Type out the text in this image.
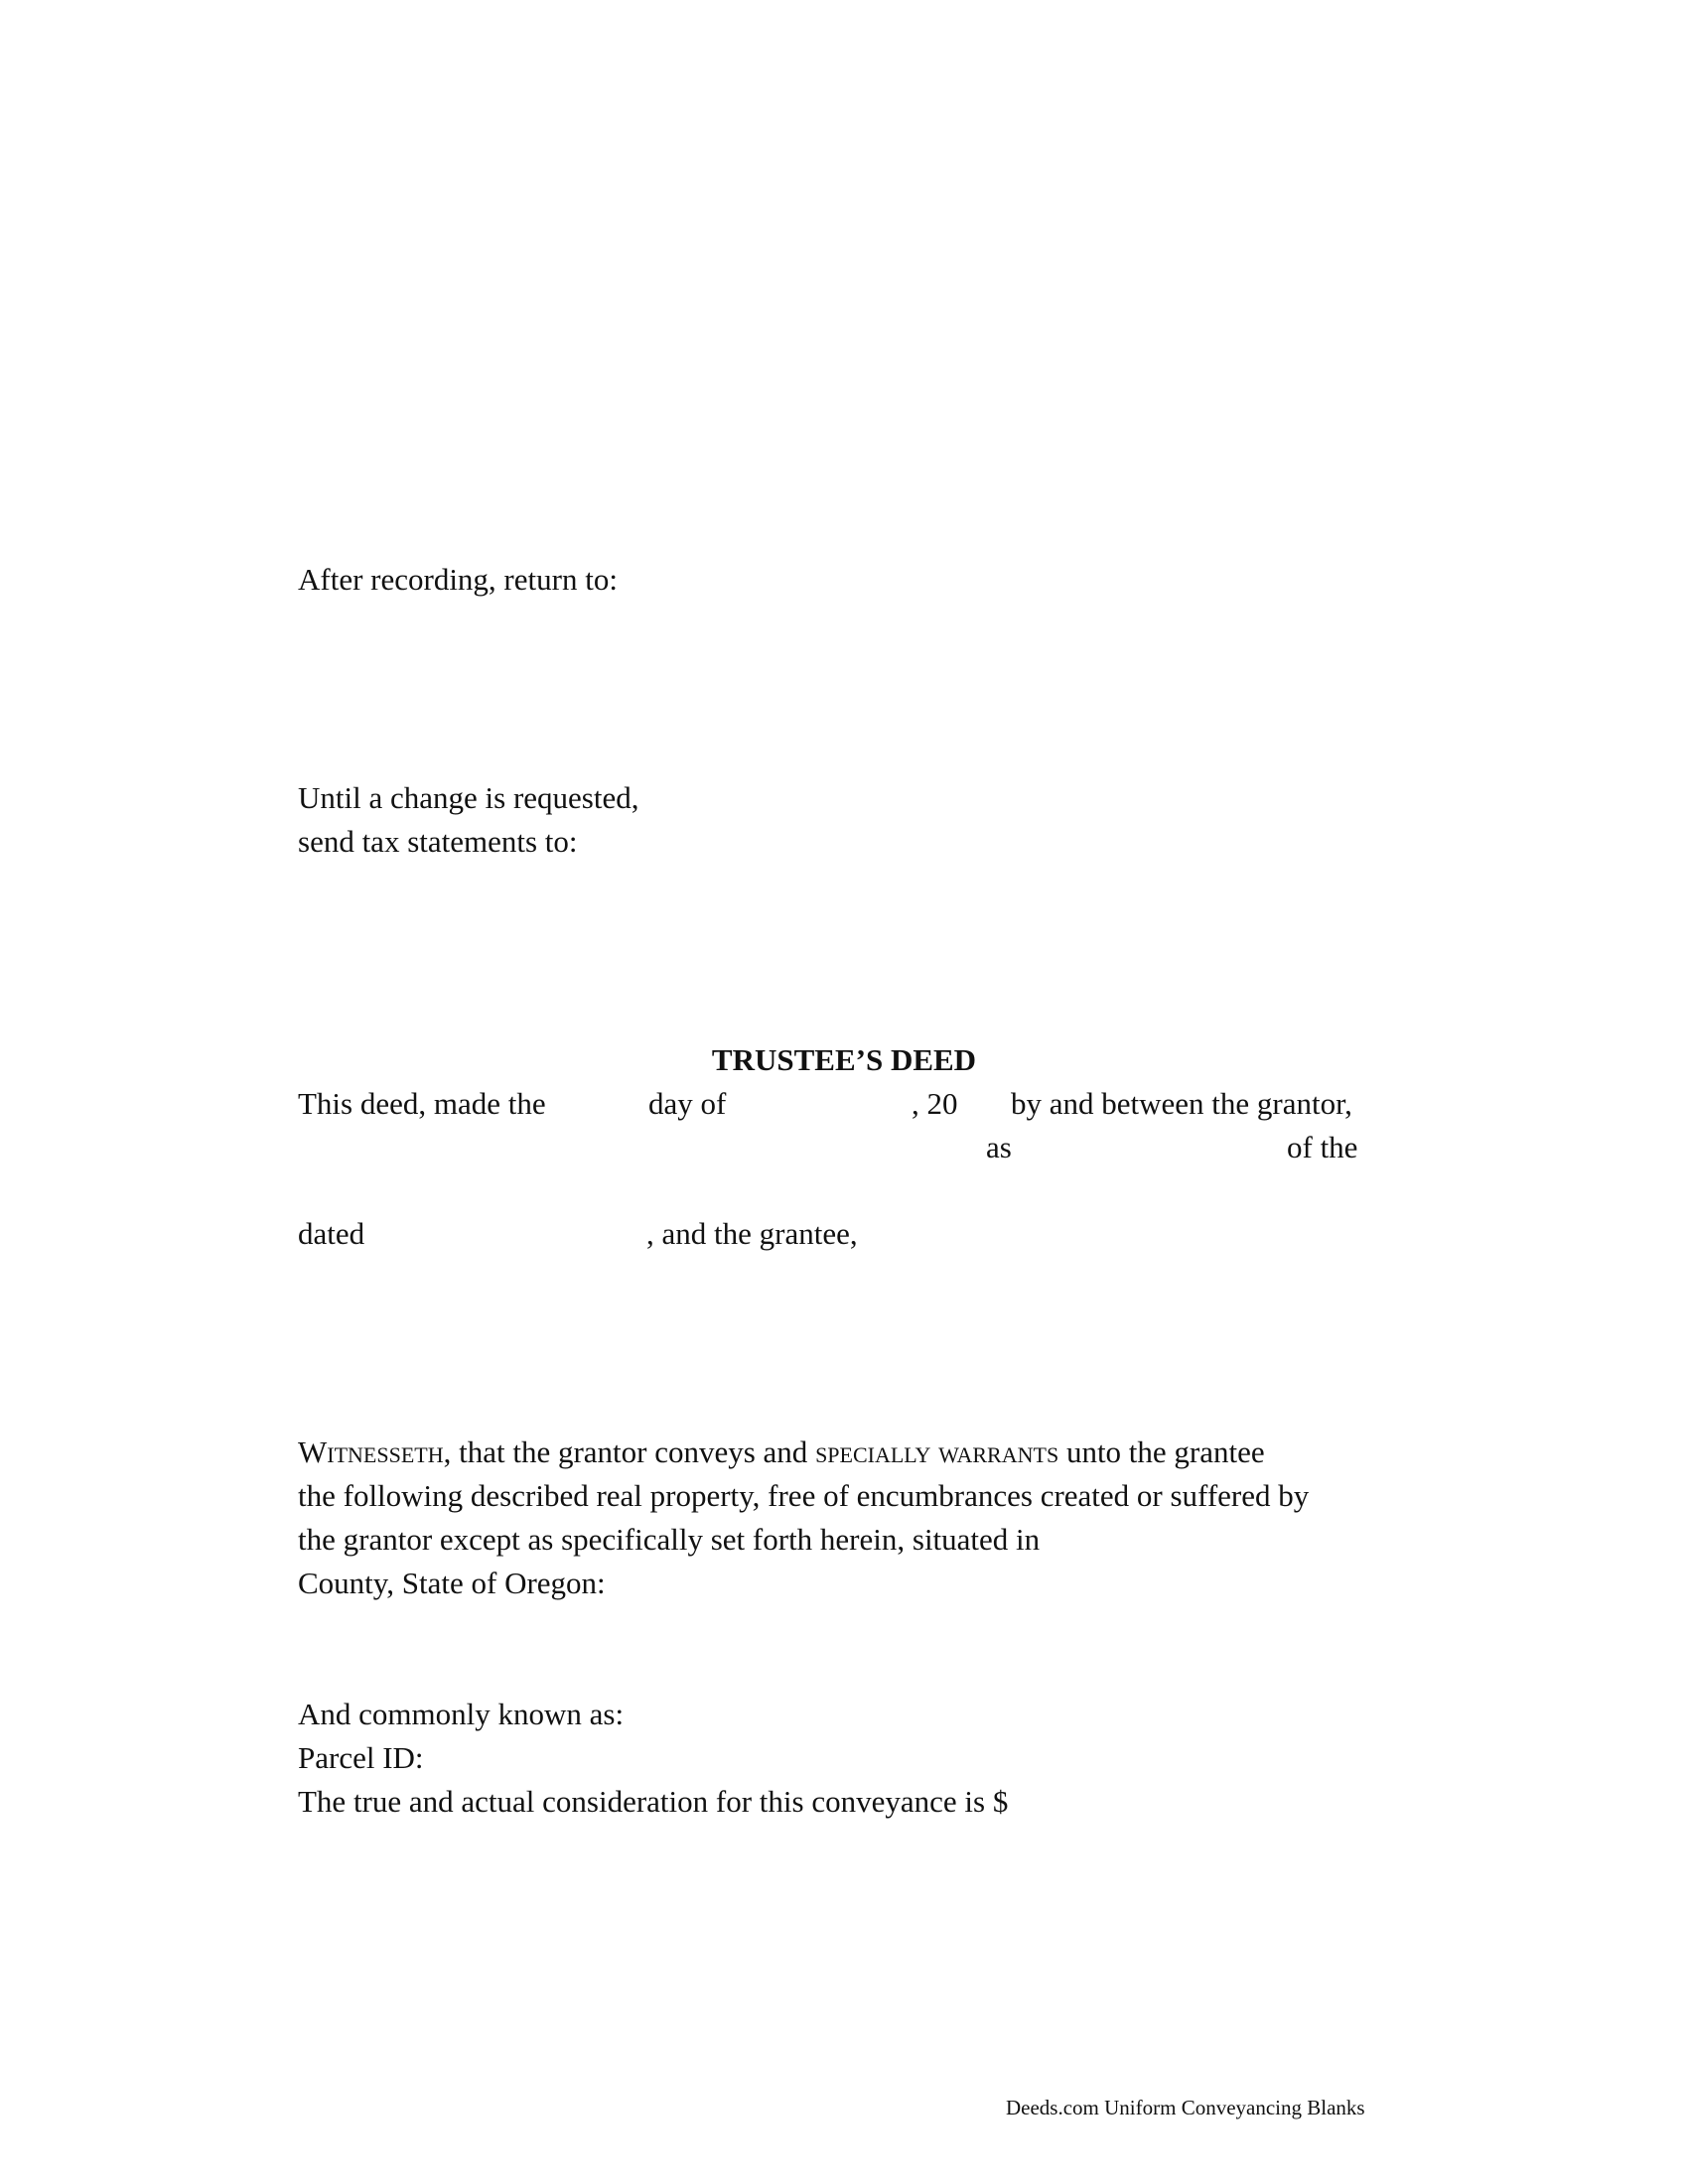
After recording, return to:
Until a change is requested,
send tax statements to:
TRUSTEE’S DEED
This deed, made the	day of	, 20 by and between the grantor,
as	of the
dated	, and the grantee,
Witnesseth, that the grantor conveys and specially warrants unto the grantee
the following described real property, free of encumbrances created or suffered by
the grantor except as specifically set forth herein, situated in
County, State of Oregon:
And commonly known as:
Parcel ID:
The true and actual consideration for this conveyance is $
Deeds.com Uniform Conveyancing Blanks
